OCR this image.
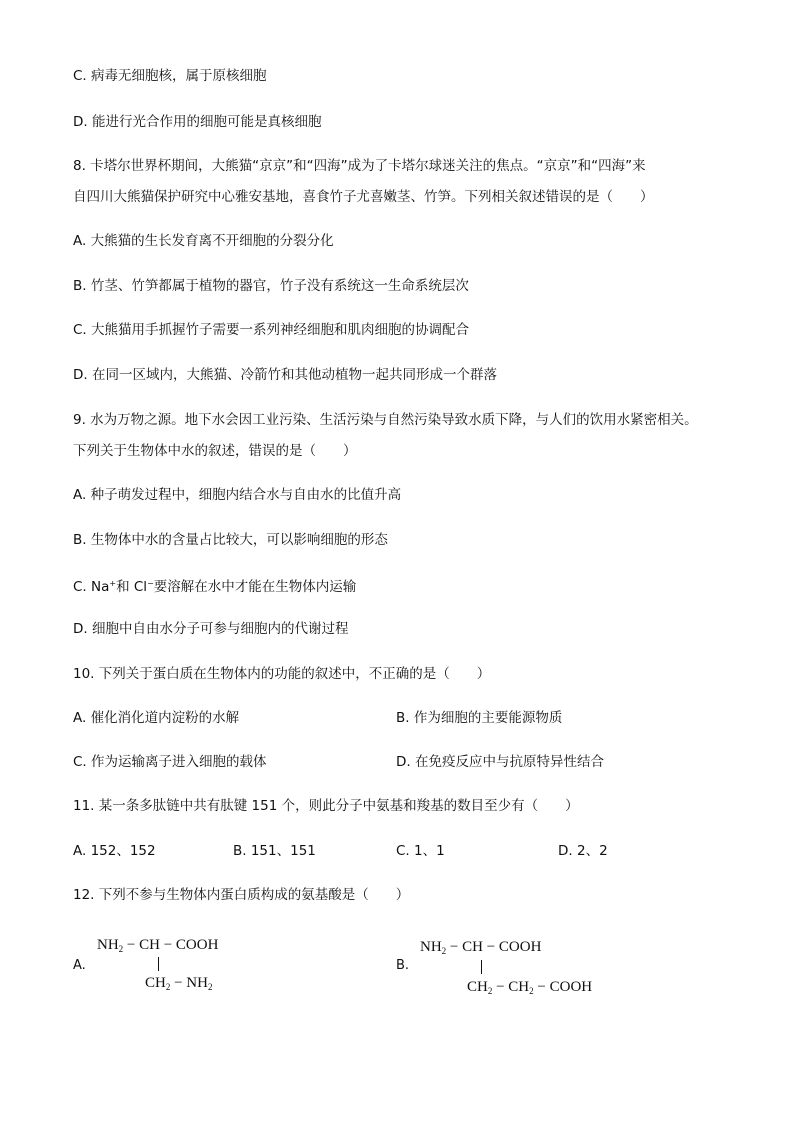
C. 病毒无细胞核，属于原核细胞
D. 能进行光合作用的细胞可能是真核细胞
8. 卡塔尔世界杯期间，大熊猫“京京”和“四海”成为了卡塔尔球迷关注的焦点。“京京”和“四海”来
自四川大熊猫保护研究中心雅安基地，喜食竹子尤喜嫩茎、竹笋。下列相关叙述错误的是（　　）
A. 大熊猫的生长发育离不开细胞的分裂分化
B. 竹茎、竹笋都属于植物的器官，竹子没有系统这一生命系统层次
C. 大熊猫用手抓握竹子需要一系列神经细胞和肌肉细胞的协调配合
D. 在同一区域内，大熊猫、冷箭竹和其他动植物一起共同形成一个群落
9. 水为万物之源。地下水会因工业污染、生活污染与自然污染导致水质下降，与人们的饮用水紧密相关。
下列关于生物体中水的叙述，错误的是（　　）
A. 种子萌发过程中，细胞内结合水与自由水的比值升高
B. 生物体中水的含量占比较大，可以影响细胞的形态
C. Na+和 Cl−要溶解在水中才能在生物体内运输
D. 细胞中自由水分子可参与细胞内的代谢过程
10. 下列关于蛋白质在生物体内的功能的叙述中，不正确的是（　　）
A. 催化消化道内淀粉的水解	B. 作为细胞的主要能源物质
C. 作为运输离子进入细胞的载体	D. 在免疫反应中与抗原特异性结合
11. 某一条多肽链中共有肽键 151 个，则此分子中氨基和羧基的数目至少有（　　）
A. 152、152	B. 151、151	C. 1、1	D. 2、2
12. 下列不参与生物体内蛋白质构成的氨基酸是（　　）
A.
$NH_2$ − CH − COOH
$CH_2 - NH_2$
B.
$NH_2$ − CH − COOH
$CH_2 - CH_2$ − COOH
